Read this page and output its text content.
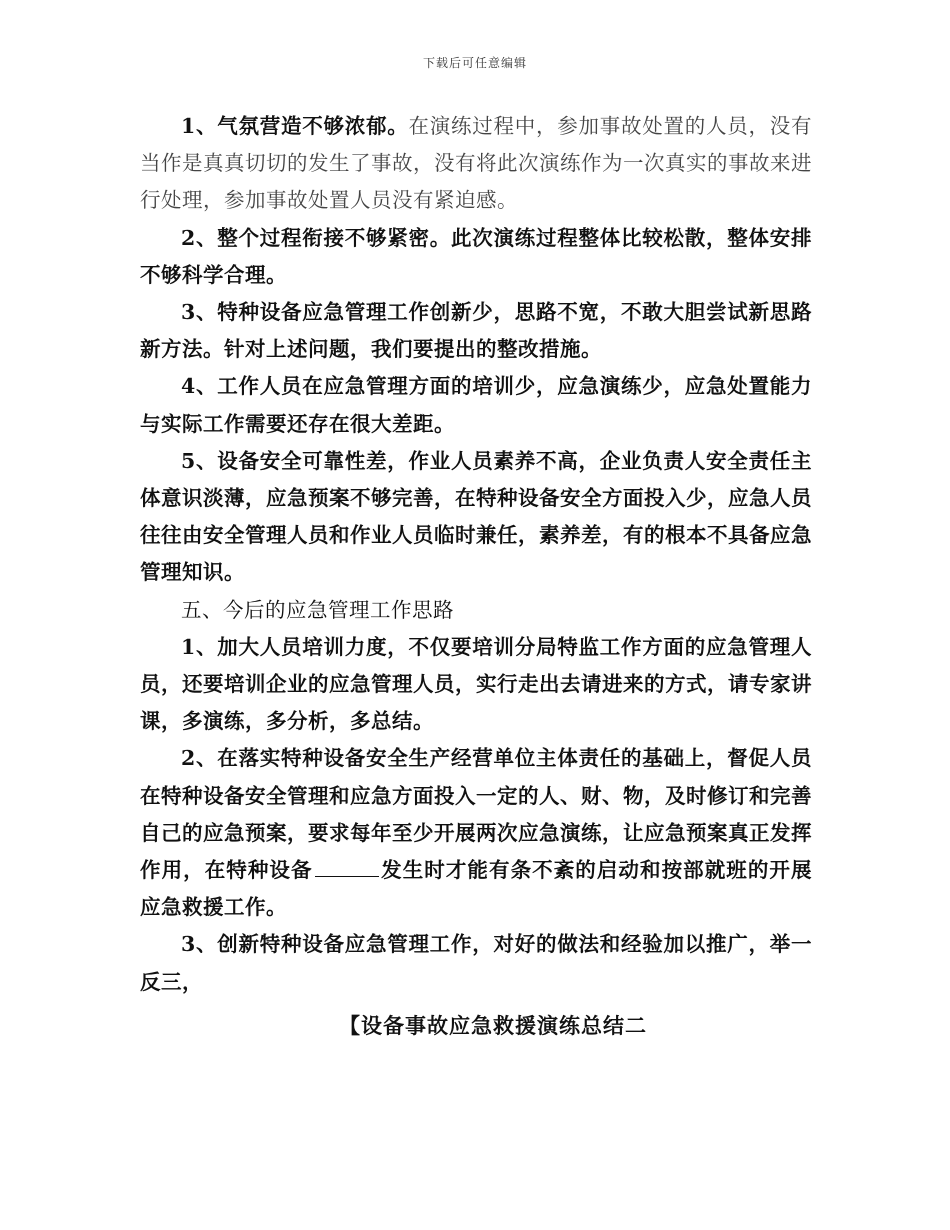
下载后可任意编辑

1、气氛营造不够浓郁。在演练过程中，参加事故处置的人员，没有当作是真真切切的发生了事故，没有将此次演练作为一次真实的事故来进行处理，参加事故处置人员没有紧迫感。

2、整个过程衔接不够紧密。此次演练过程整体比较松散，整体安排不够科学合理。

3、特种设备应急管理工作创新少，思路不宽，不敢大胆尝试新思路新方法。针对上述问题，我们要提出的整改措施。

4、工作人员在应急管理方面的培训少，应急演练少，应急处置能力与实际工作需要还存在很大差距。

5、设备安全可靠性差，作业人员素养不高，企业负责人安全责任主体意识淡薄，应急预案不够完善，在特种设备安全方面投入少，应急人员往往由安全管理人员和作业人员临时兼任，素养差，有的根本不具备应急管理知识。

五、今后的应急管理工作思路

1、加大人员培训力度，不仅要培训分局特监工作方面的应急管理人员，还要培训企业的应急管理人员，实行走出去请进来的方式，请专家讲课，多演练，多分析，多总结。

2、在落实特种设备安全生产经营单位主体责任的基础上，督促人员在特种设备安全管理和应急方面投入一定的人、财、物，及时修订和完善自己的应急预案，要求每年至少开展两次应急演练，让应急预案真正发挥作用，在特种设备	发生时才能有条不紊的启动和按部就班的开展应急救援工作。

3、创新特种设备应急管理工作，对好的做法和经验加以推广，举一反三，

【设备事故应急救援演练总结二
